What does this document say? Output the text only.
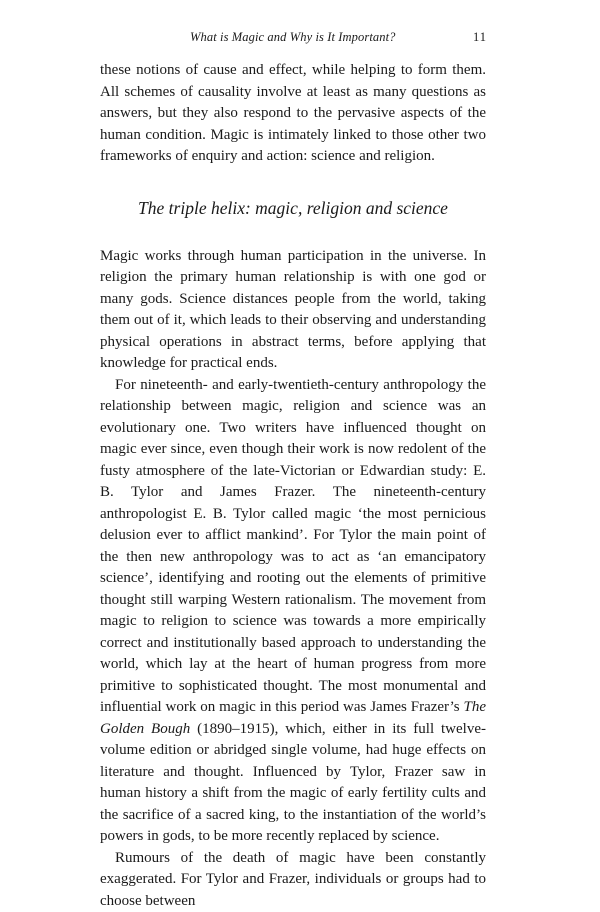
What is Magic and Why is It Important?	11

these notions of cause and effect, while helping to form them. All schemes of causality involve at least as many questions as answers, but they also respond to the pervasive aspects of the human condition. Magic is intimately linked to those other two frameworks of enquiry and action: science and religion.

The triple helix: magic, religion and science

Magic works through human participation in the universe. In religion the primary human relationship is with one god or many gods. Science distances people from the world, taking them out of it, which leads to their observing and understanding physical operations in abstract terms, before applying that knowledge for practical ends.

For nineteenth- and early-twentieth-century anthropology the relationship between magic, religion and science was an evolutionary one. Two writers have influenced thought on magic ever since, even though their work is now redolent of the fusty atmosphere of the late-Victorian or Edwardian study: E. B. Tylor and James Frazer. The nineteenth-century anthropologist E. B. Tylor called magic ‘the most pernicious delusion ever to afflict mankind’. For Tylor the main point of the then new anthropology was to act as ‘an emancipatory science’, identifying and rooting out the elements of primitive thought still warping Western rationalism. The movement from magic to religion to science was towards a more empirically correct and institutionally based approach to understanding the world, which lay at the heart of human progress from more primitive to sophisticated thought. The most monumental and influential work on magic in this period was James Frazer’s The Golden Bough (1890–1915), which, either in its full twelve-volume edition or abridged single volume, had huge effects on literature and thought. Influenced by Tylor, Frazer saw in human history a shift from the magic of early fertility cults and the sacrifice of a sacred king, to the instantiation of the world’s powers in gods, to be more recently replaced by science.

Rumours of the death of magic have been constantly exaggerated. For Tylor and Frazer, individuals or groups had to choose between
